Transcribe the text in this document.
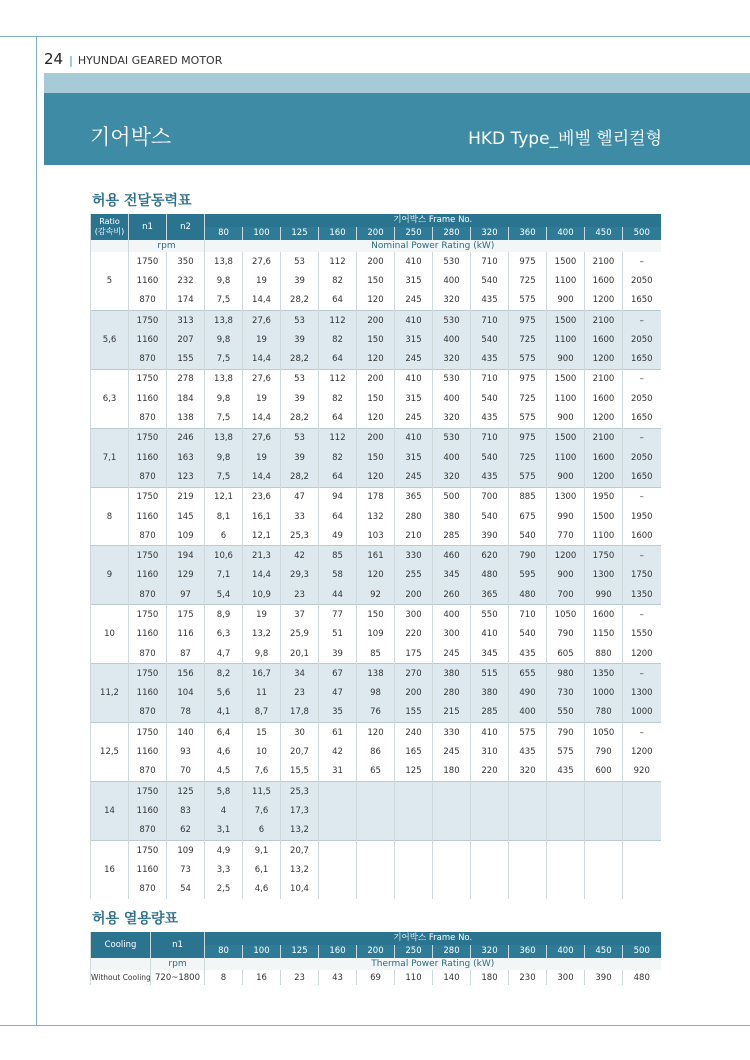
24 | HYUNDAI GEARED MOTOR
기어박스	HKD Type_베벨 헬리컬형
허용 전달동력표
Ratio
(감속비)	n1	n2	기어박스 Frame No.											
			80	100	125	160	200	250	280	320	360	400	450	500
	rpm		Nominal Power Rating (kW)											
5	1750	350	13,8	27,6	53	112	200	410	530	710	975	1500	2100	–
	1160	232	9,8	19	39	82	150	315	400	540	725	1100	1600	2050
	870	174	7,5	14,4	28,2	64	120	245	320	435	575	900	1200	1650
5,6	1750	313	13,8	27,6	53	112	200	410	530	710	975	1500	2100	–
	1160	207	9,8	19	39	82	150	315	400	540	725	1100	1600	2050
	870	155	7,5	14,4	28,2	64	120	245	320	435	575	900	1200	1650
6,3	1750	278	13,8	27,6	53	112	200	410	530	710	975	1500	2100	–
	1160	184	9,8	19	39	82	150	315	400	540	725	1100	1600	2050
	870	138	7,5	14,4	28,2	64	120	245	320	435	575	900	1200	1650
7,1	1750	246	13,8	27,6	53	112	200	410	530	710	975	1500	2100	–
	1160	163	9,8	19	39	82	150	315	400	540	725	1100	1600	2050
	870	123	7,5	14,4	28,2	64	120	245	320	435	575	900	1200	1650
8	1750	219	12,1	23,6	47	94	178	365	500	700	885	1300	1950	–
	1160	145	8,1	16,1	33	64	132	280	380	540	675	990	1500	1950
	870	109	6	12,1	25,3	49	103	210	285	390	540	770	1100	1600
9	1750	194	10,6	21,3	42	85	161	330	460	620	790	1200	1750	–
	1160	129	7,1	14,4	29,3	58	120	255	345	480	595	900	1300	1750
	870	97	5,4	10,9	23	44	92	200	260	365	480	700	990	1350
10	1750	175	8,9	19	37	77	150	300	400	550	710	1050	1600	–
	1160	116	6,3	13,2	25,9	51	109	220	300	410	540	790	1150	1550
	870	87	4,7	9,8	20,1	39	85	175	245	345	435	605	880	1200
11,2	1750	156	8,2	16,7	34	67	138	270	380	515	655	980	1350	–
	1160	104	5,6	11	23	47	98	200	280	380	490	730	1000	1300
	870	78	4,1	8,7	17,8	35	76	155	215	285	400	550	780	1000
12,5	1750	140	6,4	15	30	61	120	240	330	410	575	790	1050	–
	1160	93	4,6	10	20,7	42	86	165	245	310	435	575	790	1200
	870	70	4,5	7,6	15,5	31	65	125	180	220	320	435	600	920
14	1750	125	5,8	11,5	25,3									
	1160	83	4	7,6	17,3									
	870	62	3,1	6	13,2									
16	1750	109	4,9	9,1	20,7									
	1160	73	3,3	6,1	13,2									
	870	54	2,5	4,6	10,4									
허용 열용량표
Cooling	n1	기어박스 Frame No.											
		80	100	125	160	200	250	280	320	360	400	450	500
	rpm	Thermal Power Rating (kW)											
Without Cooling	720~1800	8	16	23	43	69	110	140	180	230	300	390	480
